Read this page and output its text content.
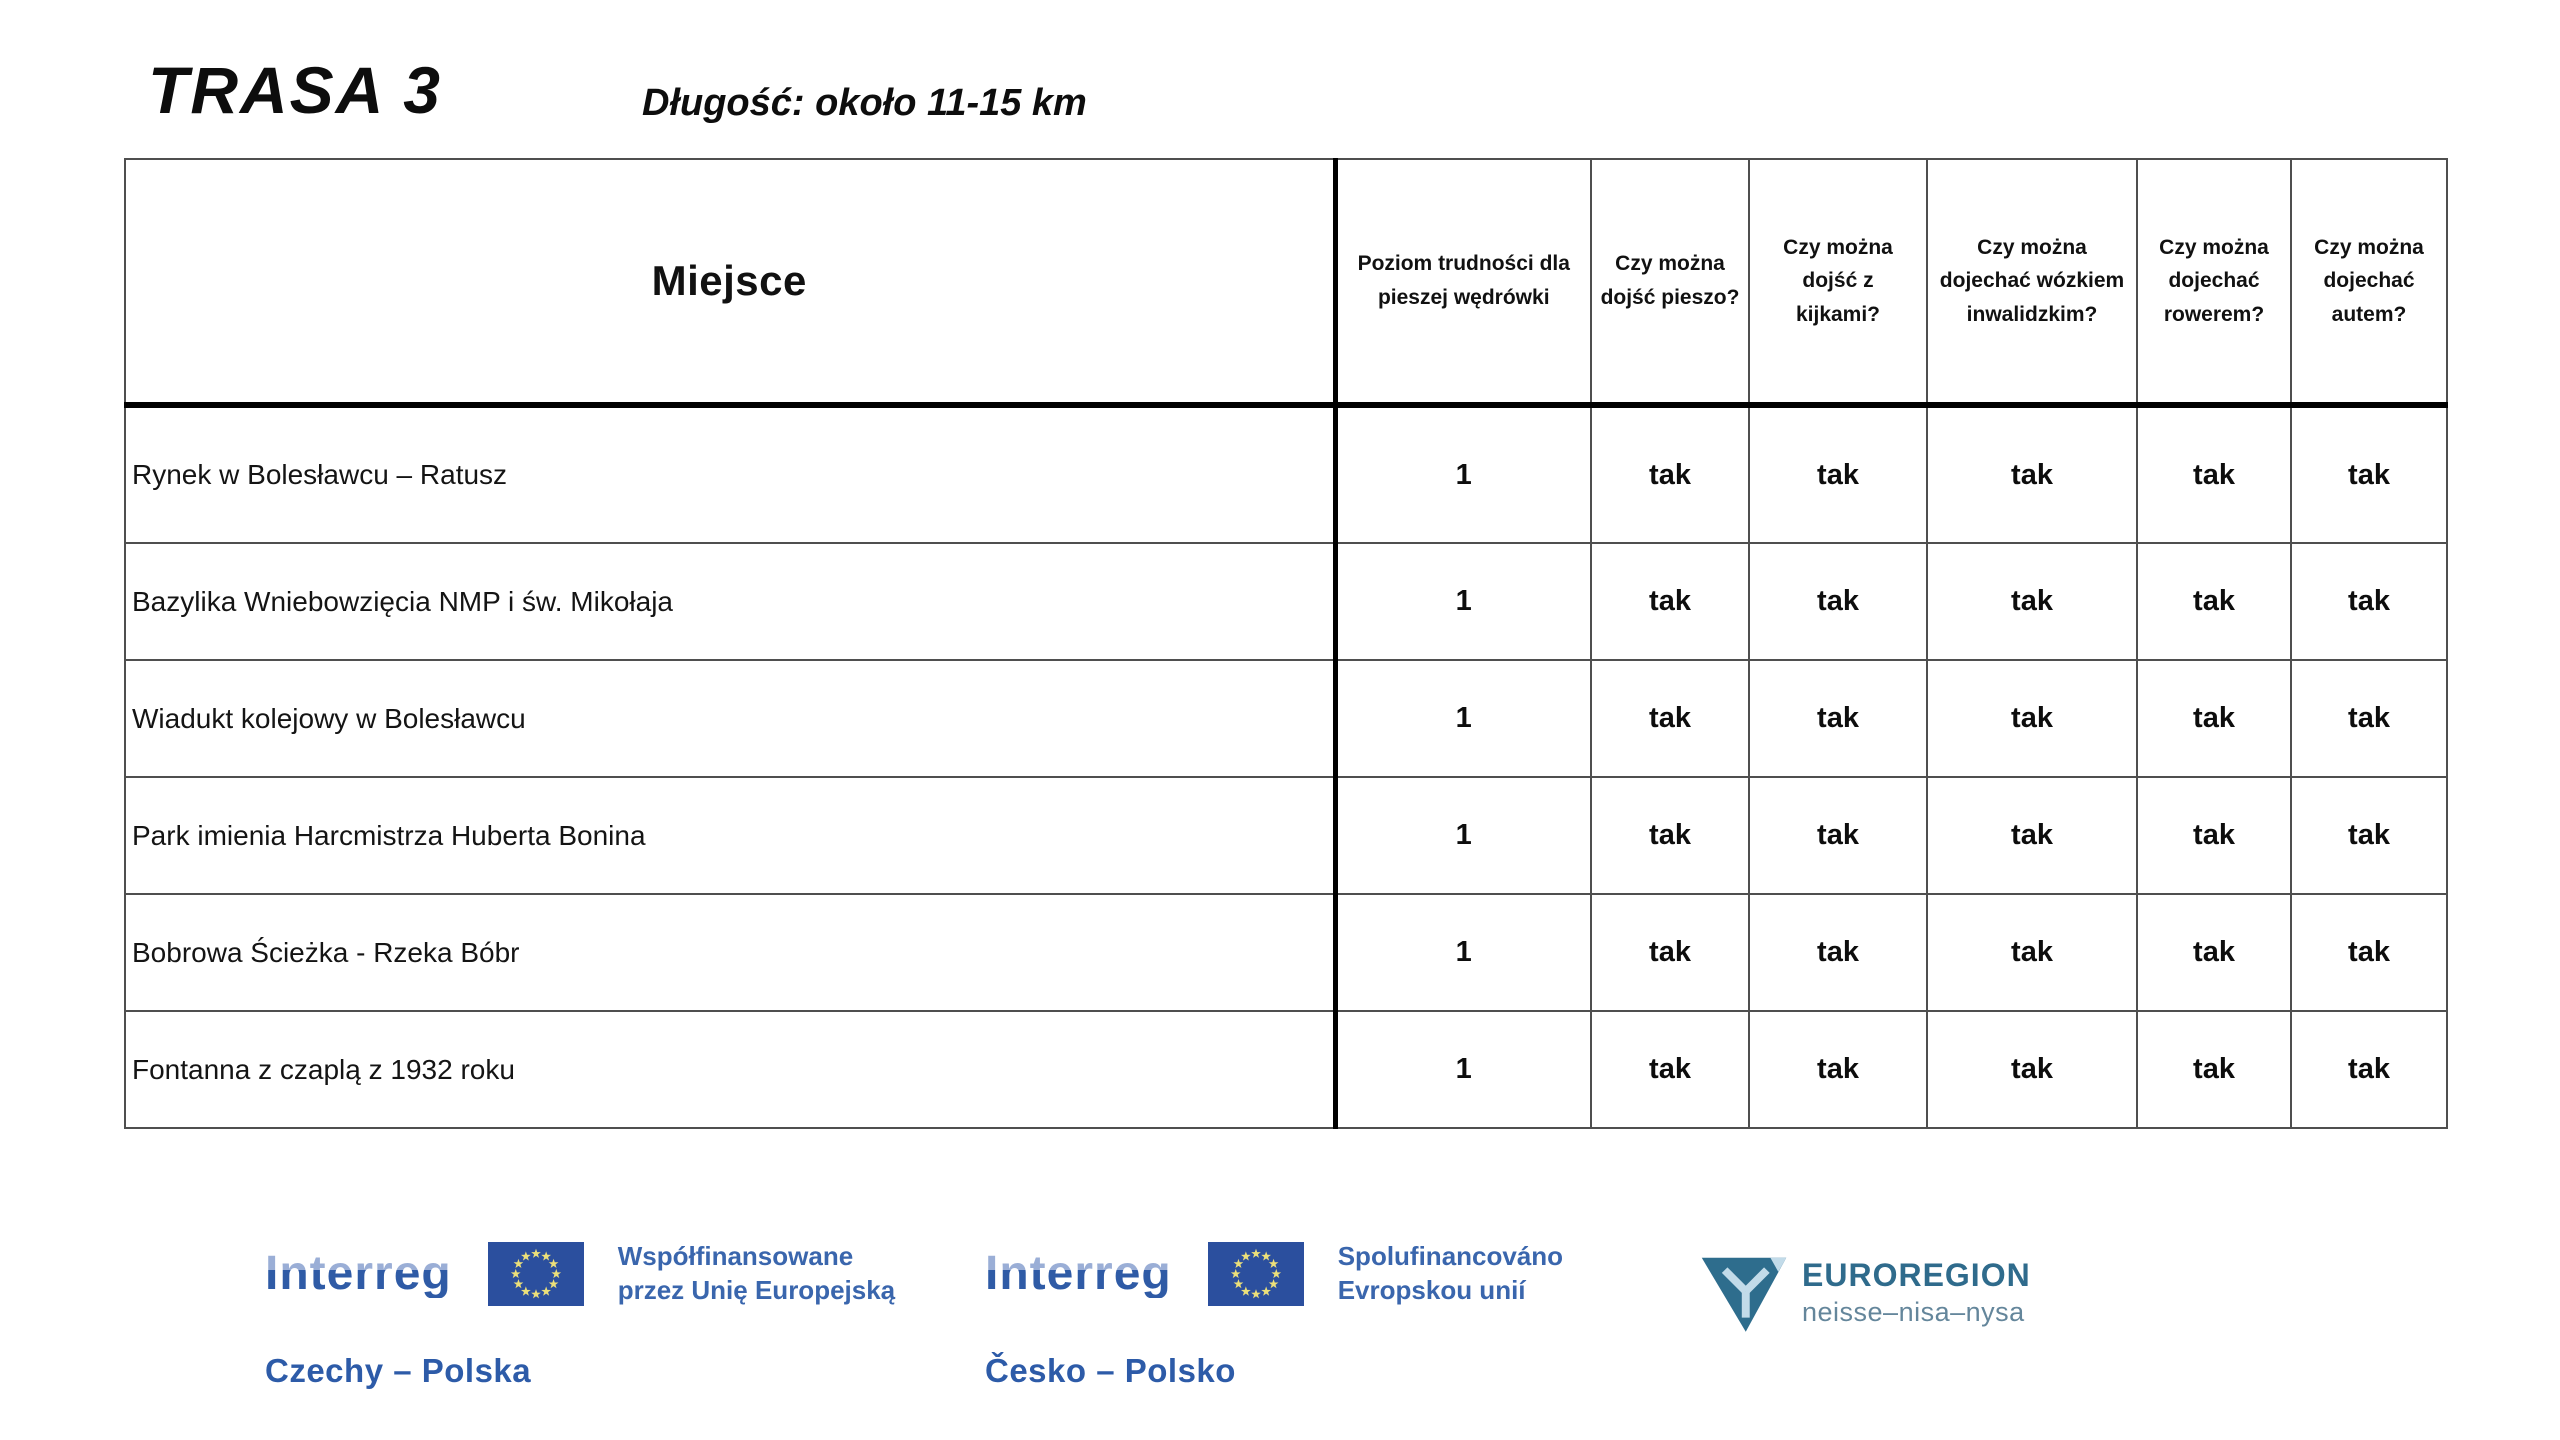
TRASA 3	Długość: około 11-15 km
Miejsce	Poziom trudności dla pieszej wędrówki	Czy można dojść pieszo?	Czy można dojść z kijkami?	Czy można dojechać wózkiem inwalidzkim?	Czy można dojechać rowerem?	Czy można dojechać autem?
Rynek w Bolesławcu – Ratusz	1	tak	tak	tak	tak	tak
Bazylika Wniebowzięcia NMP i św. Mikołaja	1	tak	tak	tak	tak	tak
Wiadukt kolejowy w Bolesławcu	1	tak	tak	tak	tak	tak
Park imienia Harcmistrza Huberta Bonina	1	tak	tak	tak	tak	tak
Bobrowa Ścieżka - Rzeka Bóbr	1	tak	tak	tak	tak	tak
Fontanna z czaplą z 1932 roku	1	tak	tak	tak	tak	tak
Interreg	Współfinansowane
przez Unię Europejską
Czechy – Polska
Interreg	Spolufinancováno
Evropskou unií
Česko – Polsko
EUROREGION
neisse–nisa–nysa
